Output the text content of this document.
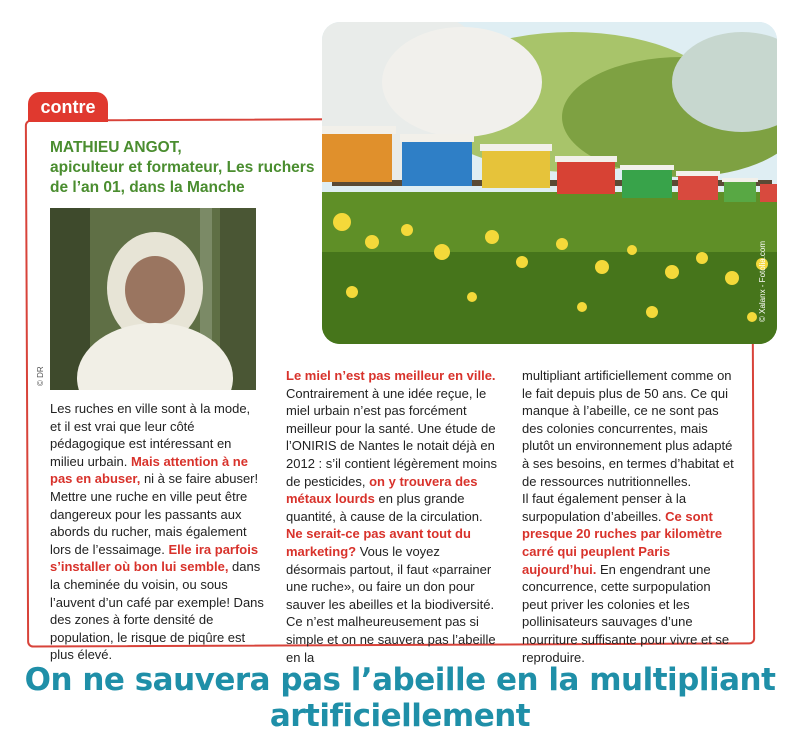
© Xalanx - Fotolia.com
contre
MATHIEU ANGOT,
apiculteur et formateur, Les ruchers
de l’an 01, dans la Manche
© DR
Les ruches en ville sont à la mode, et il est vrai que leur côté pédagogique est intéressant en milieu urbain. Mais attention à ne pas en abuser, ni à se faire abuser!
Mettre une ruche en ville peut être dangereux pour les passants aux abords du rucher, mais également lors de l’essaimage. Elle ira parfois s’installer où bon lui semble, dans la cheminée du voisin, ou sous l’auvent d’un café par exemple! Dans des zones à forte densité de population, le risque de piqûre est plus élevé.
Le miel n’est pas meilleur en ville. Contrairement à une idée reçue, le miel urbain n’est pas forcément meilleur pour la santé. Une étude de l’ONIRIS de Nantes le notait déjà en 2012 : s’il contient légèrement moins de pesticides, on y trouvera des métaux lourds en plus grande quantité, à cause de la circulation.
Ne serait-ce pas avant tout du marketing? Vous le voyez désormais partout, il faut «parrainer une ruche», ou faire un don pour sauver les abeilles et la biodiversité. Ce n’est malheureusement pas si simple et on ne sauvera pas l’abeille en la
multipliant artificiellement comme on le fait depuis plus de 50 ans. Ce qui manque à l’abeille, ce ne sont pas des colonies concurrentes, mais plutôt un environnement plus adapté à ses besoins, en termes d’habitat et de ressources nutritionnelles.
Il faut également penser à la surpopulation d’abeilles. Ce sont presque 20 ruches par kilomètre carré qui peuplent Paris aujourd’hui. En engendrant une concurrence, cette surpopulation peut priver les colonies et les pollinisateurs sauvages d’une nourriture suffisante pour vivre et se reproduire.
On ne sauvera pas l’abeille en la multipliant artificiellement
